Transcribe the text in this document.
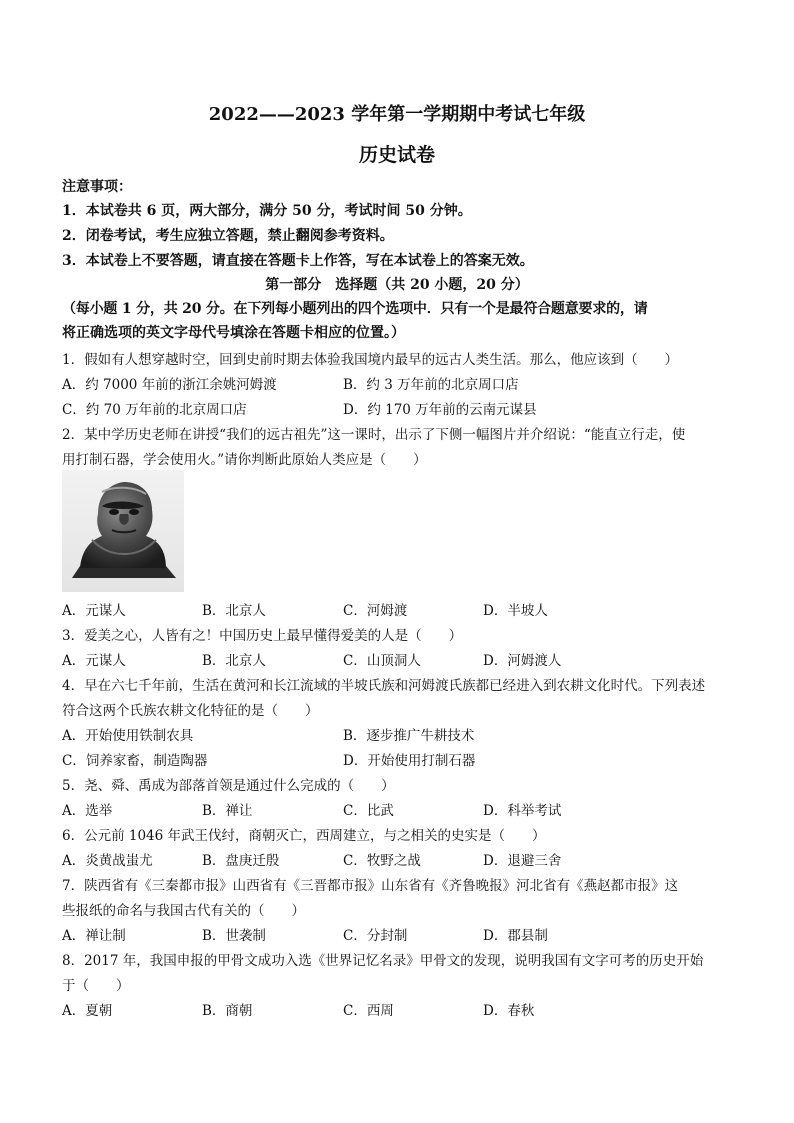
2022——2023 学年第一学期期中考试七年级
历史试卷
注意事项：
1．本试卷共 6 页，两大部分，满分 50 分，考试时间 50 分钟。
2．闭卷考试，考生应独立答题，禁止翻阅参考资料。
3．本试卷上不要答题，请直接在答题卡上作答，写在本试卷上的答案无效。
第一部分　选择题（共 20 小题，20 分）
（每小题 1 分，共 20 分。在下列每小题列出的四个选项中．只有一个是最符合题意要求的，请
将正确选项的英文字母代号填涂在答题卡相应的位置。）
1．假如有人想穿越时空，回到史前时期去体验我国境内最早的远古人类生活。那么，他应该到（　　）
A．约 7000 年前的浙江余姚河姆渡	B．约 3 万年前的北京周口店
C．约 70 万年前的北京周口店	D．约 170 万年前的云南元谋县
2．某中学历史老师在讲授“我们的远古祖先”这一课时，出示了下侧一幅图片并介绍说：“能直立行走，使
用打制石器，学会使用火。”请你判断此原始人类应是（　　）
A．元谋人	B．北京人	C．河姆渡	D．半坡人
3．爱美之心，人皆有之！中国历史上最早懂得爱美的人是（　　）
A．元谋人	B．北京人	C．山顶洞人	D．河姆渡人
4．早在六七千年前，生活在黄河和长江流域的半坡氏族和河姆渡氏族都已经进入到农耕文化时代。下列表述
符合这两个氏族农耕文化特征的是（　　）
A．开始使用铁制农具	B．逐步推广牛耕技术
C．饲养家畜，制造陶器	D．开始使用打制石器
5．尧、舜、禹成为部落首领是通过什么完成的（　　）
A．选举	B．禅让	C．比武	D．科举考试
6．公元前 1046 年武王伐纣，商朝灭亡，西周建立，与之相关的史实是（　　）
A．炎黄战蚩尤	B．盘庚迁殷	C．牧野之战	D．退避三舍
7．陕西省有《三秦都市报》山西省有《三晋都市报》山东省有《齐鲁晚报》河北省有《燕赵都市报》这
些报纸的命名与我国古代有关的（　　）
A．禅让制	B．世袭制	C．分封制	D．郡县制
8．2017 年，我国申报的甲骨文成功入选《世界记忆名录》甲骨文的发现，说明我国有文字可考的历史开始
于（　　）
A．夏朝	B．商朝	C．西周	D．春秋
